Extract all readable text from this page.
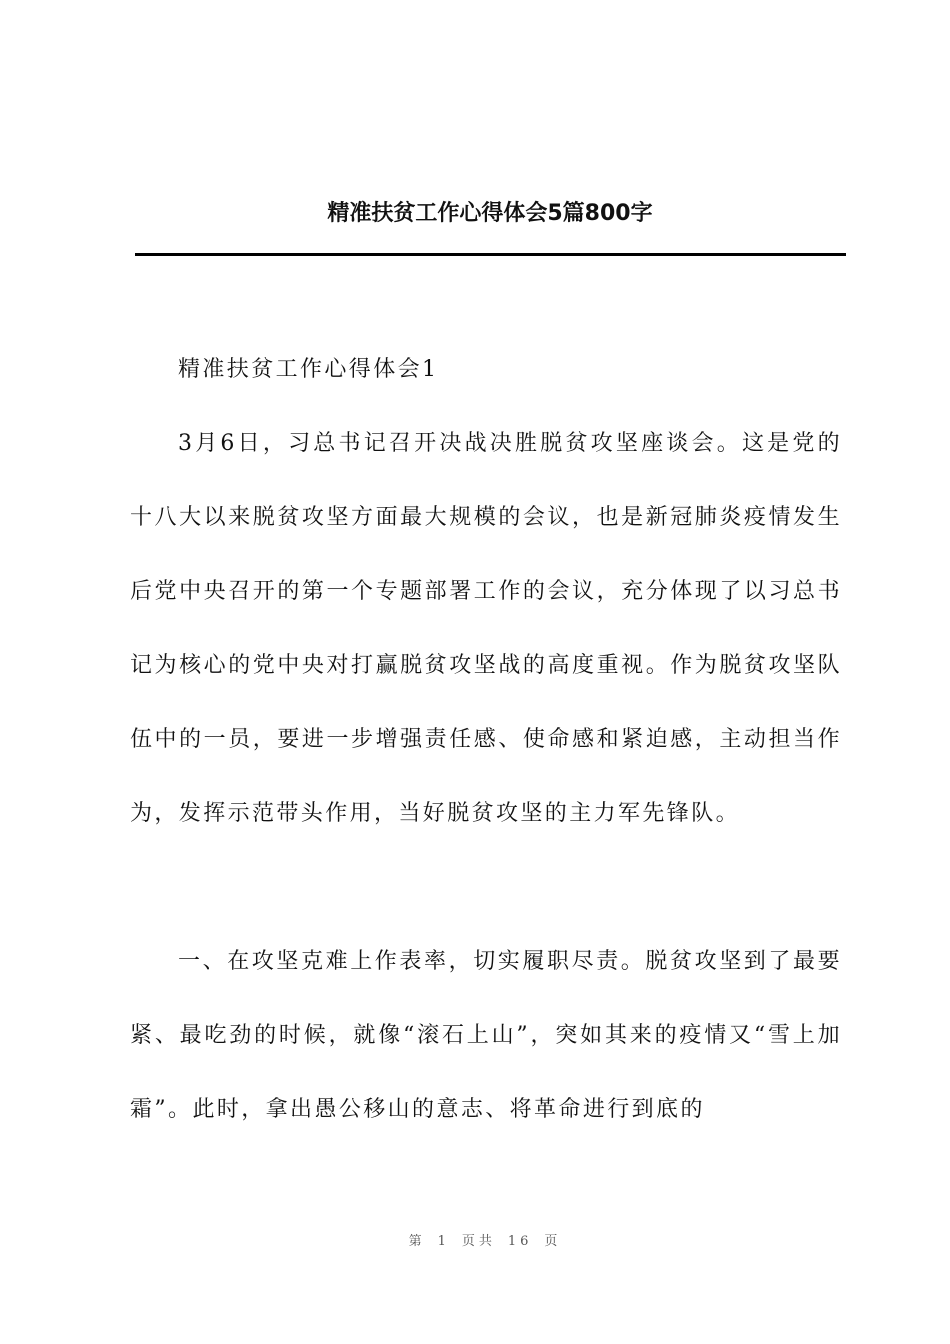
精准扶贫工作心得体会5篇800字
精准扶贫工作心得体会1
3月6日，习总书记召开决战决胜脱贫攻坚座谈会。这是党的十八大以来脱贫攻坚方面最大规模的会议，也是新冠肺炎疫情发生后党中央召开的第一个专题部署工作的会议，充分体现了以习总书记为核心的党中央对打赢脱贫攻坚战的高度重视。作为脱贫攻坚队伍中的一员，要进一步增强责任感、使命感和紧迫感，主动担当作为，发挥示范带头作用，当好脱贫攻坚的主力军先锋队。
一、在攻坚克难上作表率，切实履职尽责。脱贫攻坚到了最要紧、最吃劲的时候，就像“滚石上山”，突如其来的疫情又“雪上加霜”。此时，拿出愚公移山的意志、将革命进行到底的
第 1 页共 16 页
